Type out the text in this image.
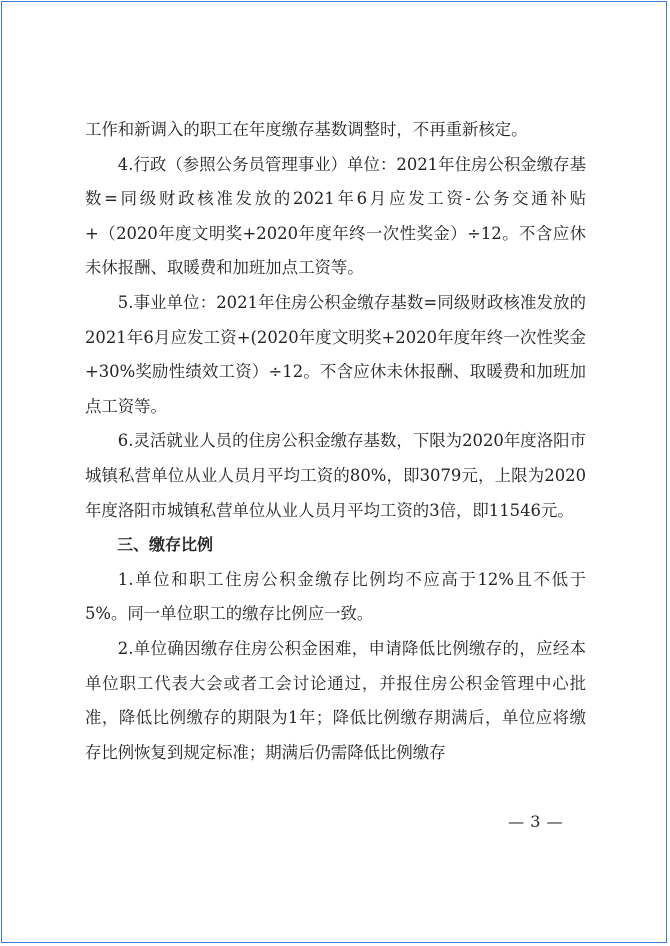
工作和新调入的职工在年度缴存基数调整时，不再重新核定。

4.行政（参照公务员管理事业）单位：2021年住房公积金缴存基数=同级财政核准发放的2021年6月应发工资-公务交通补贴+（2020年度文明奖+2020年度年终一次性奖金）÷12。不含应休未休报酬、取暖费和加班加点工资等。

5.事业单位：2021年住房公积金缴存基数=同级财政核准发放的2021年6月应发工资+(2020年度文明奖+2020年度年终一次性奖金+30%奖励性绩效工资）÷12。不含应休未休报酬、取暖费和加班加点工资等。

6.灵活就业人员的住房公积金缴存基数，下限为2020年度洛阳市城镇私营单位从业人员月平均工资的80%，即3079元，上限为2020年度洛阳市城镇私营单位从业人员月平均工资的3倍，即11546元。

三、缴存比例

1.单位和职工住房公积金缴存比例均不应高于12%且不低于5%。同一单位职工的缴存比例应一致。

2.单位确因缴存住房公积金困难，申请降低比例缴存的，应经本单位职工代表大会或者工会讨论通过，并报住房公积金管理中心批准，降低比例缴存的期限为1年；降低比例缴存期满后，单位应将缴存比例恢复到规定标准；期满后仍需降低比例缴存

— 3 —
